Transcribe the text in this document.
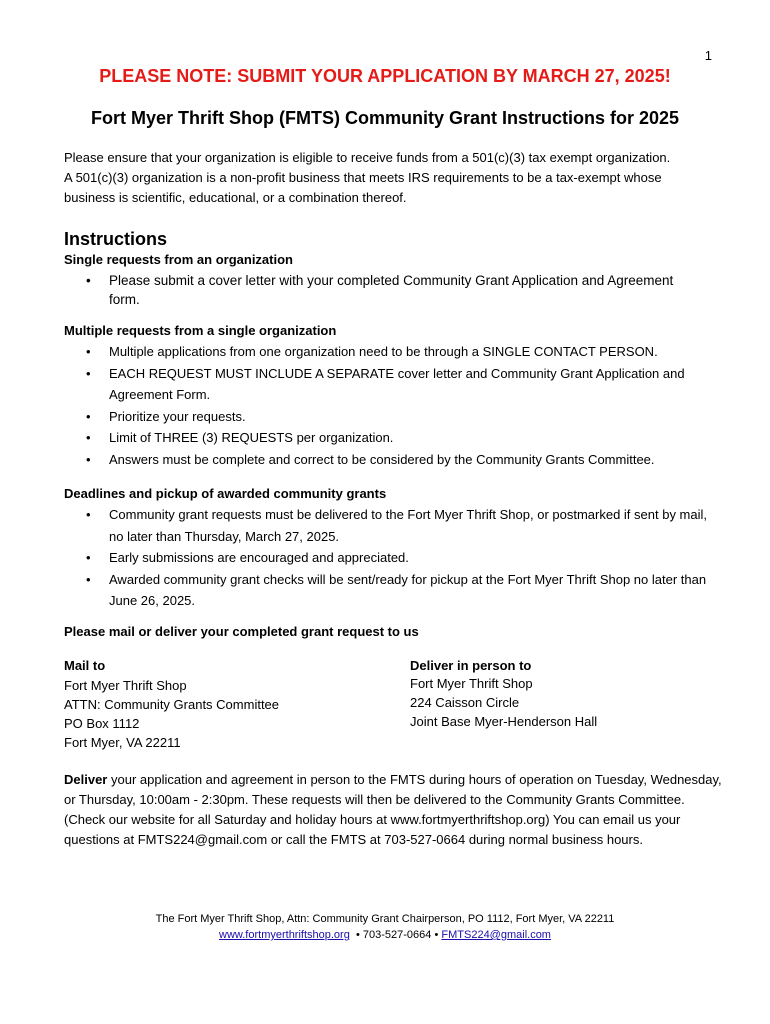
1
PLEASE NOTE: SUBMIT YOUR APPLICATION BY MARCH 27, 2025!
Fort Myer Thrift Shop (FMTS) Community Grant Instructions for 2025

Please ensure that your organization is eligible to receive funds from a 501(c)(3) tax exempt organization.

A 501(c)(3) organization is a non-profit business that meets IRS requirements to be a tax-exempt whose

business is scientific, educational, or a combination thereof.

Instructions
Single requests from an organization
• Please submit a cover letter with your completed Community Grant Application and Agreement form.
Multiple requests from a single organization
• Multiple applications from one organization need to be through a SINGLE CONTACT PERSON.
• EACH REQUEST MUST INCLUDE A SEPARATE cover letter and Community Grant Application and Agreement Form.
• Prioritize your requests.
• Limit of THREE (3) REQUESTS per organization.
• Answers must be complete and correct to be considered by the Community Grants Committee.
Deadlines and pickup of awarded community grants
• Community grant requests must be delivered to the Fort Myer Thrift Shop, or postmarked if sent by mail, no later than Thursday, March 27, 2025.
• Early submissions are encouraged and appreciated.
• Awarded community grant checks will be sent/ready for pickup at the Fort Myer Thrift Shop no later than June 26, 2025.
Please mail or deliver your completed grant request to us
Mail to
Fort Myer Thrift Shop
ATTN: Community Grants Committee
PO Box 1112
Fort Myer, VA 22211
Deliver in person to
Fort Myer Thrift Shop
224 Caisson Circle
Joint Base Myer-Henderson Hall
Deliver your application and agreement in person to the FMTS during hours of operation on Tuesday, Wednesday, or Thursday, 10:00am - 2:30pm. These requests will then be delivered to the Community Grants Committee. (Check our website for all Saturday and holiday hours at www.fortmyerthriftshop.org) You can email us your questions at FMTS224@gmail.com or call the FMTS at 703-527-0664 during normal business hours.
The Fort Myer Thrift Shop, Attn: Community Grant Chairperson, PO 1112, Fort Myer, VA 22211
www.fortmyerthriftshop.org • 703-527-0664 • FMTS224@gmail.com
